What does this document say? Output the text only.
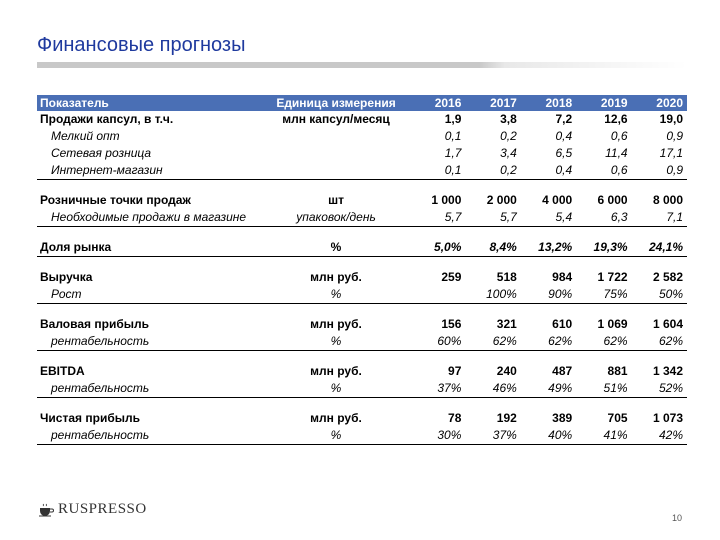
Финансовые прогнозы
Показатель	Единица измерения	2016	2017	2018	2019	2020
Продажи капсул, в т.ч.	млн капсул/месяц	1,9	3,8	7,2	12,6	19,0
Мелкий опт		0,1	0,2	0,4	0,6	0,9
Сетевая розница		1,7	3,4	6,5	11,4	17,1
Интернет-магазин		0,1	0,2	0,4	0,6	0,9

Розничные точки продаж	шт	1 000	2 000	4 000	6 000	8 000
Необходимые продажи в магазине	упаковок/день	5,7	5,7	5,4	6,3	7,1

Доля рынка	%	5,0%	8,4%	13,2%	19,3%	24,1%

Выручка	млн руб.	259	518	984	1 722	2 582
Рост	%		100%	90%	75%	50%

Валовая прибыль	млн руб.	156	321	610	1 069	1 604
рентабельность	%	60%	62%	62%	62%	62%

EBITDA	млн руб.	97	240	487	881	1 342
рентабельность	%	37%	46%	49%	51%	52%

Чистая прибыль	млн руб.	78	192	389	705	1 073
рентабельность	%	30%	37%	40%	41%	42%
RUSPRESSO
10
